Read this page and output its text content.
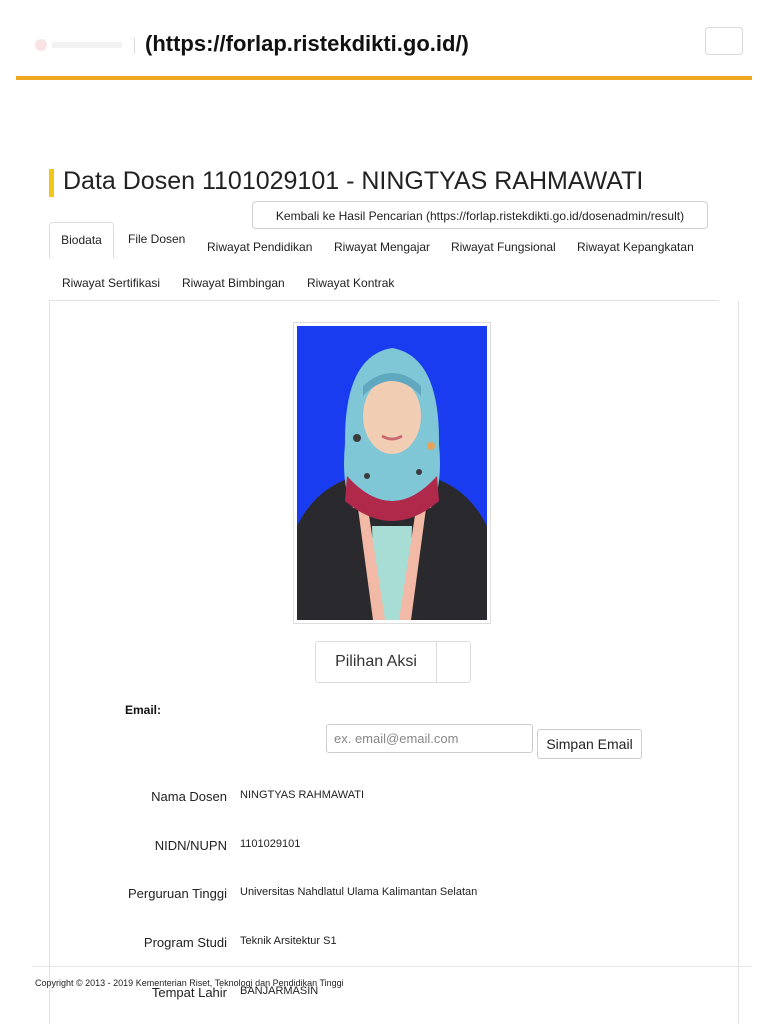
(https://forlap.ristekdikti.go.id/)
Data Dosen 1101029101 - NINGTYAS RAHMAWATI
Kembali ke Hasil Pencarian (https://forlap.ristekdikti.go.id/dosenadmin/result)
Biodata	File Dosen
Riwayat Pendidikan Riwayat Mengajar Riwayat Fungsional Riwayat Kepangkatan
Riwayat Sertifikasi Riwayat Bimbingan Riwayat Kontrak
Pilihan Aksi
Email:
ex. email@email.com
Simpan Email
Nama Dosen NINGTYAS RAHMAWATI
NIDN/NUPN 1101029101
Perguruan Tinggi Universitas Nahdlatul Ulama Kalimantan Selatan
Program Studi Teknik Arsitektur S1
Tempat Lahir BANJARMASIN
Copyright © 2013 - 2019 Kementerian Riset, Teknologi dan Pendidikan Tinggi
